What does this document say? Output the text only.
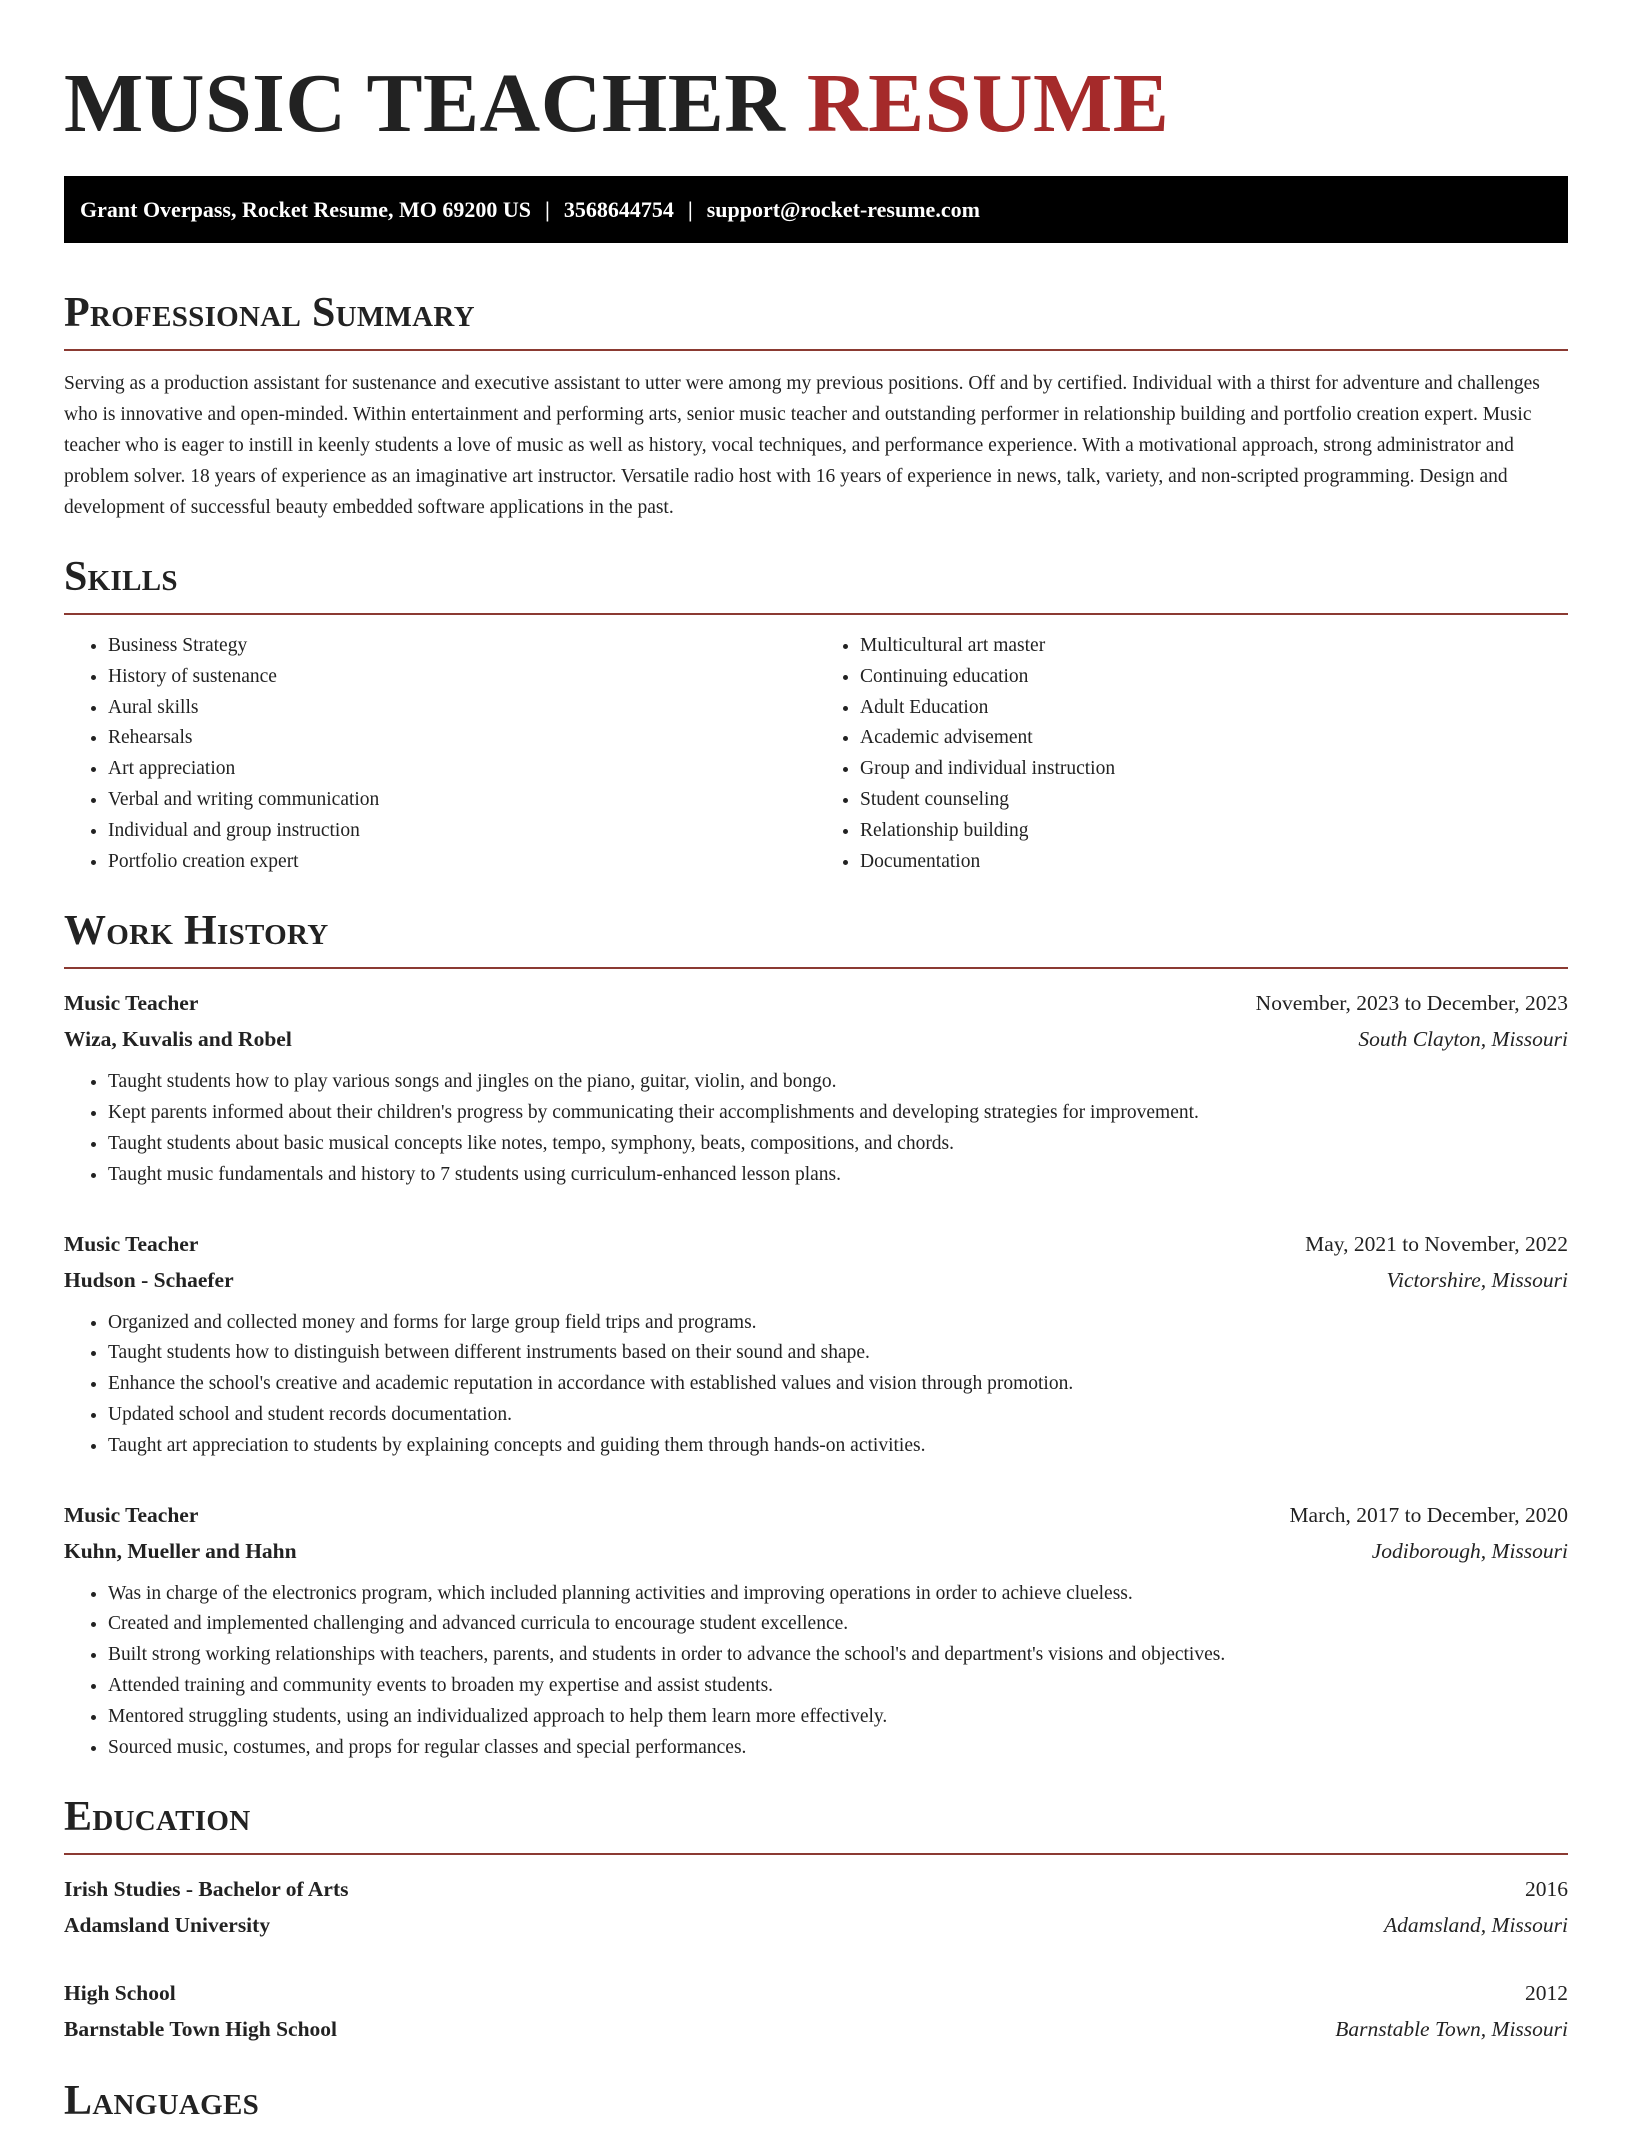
MUSIC TEACHER RESUME
Grant Overpass, Rocket Resume, MO 69200 US | 3568644754 | support@rocket-resume.com
Professional Summary
Serving as a production assistant for sustenance and executive assistant to utter were among my previous positions. Off and by certified. Individual with a thirst for adventure and challenges who is innovative and open-minded. Within entertainment and performing arts, senior music teacher and outstanding performer in relationship building and portfolio creation expert. Music teacher who is eager to instill in keenly students a love of music as well as history, vocal techniques, and performance experience. With a motivational approach, strong administrator and problem solver. 18 years of experience as an imaginative art instructor. Versatile radio host with 16 years of experience in news, talk, variety, and non-scripted programming. Design and development of successful beauty embedded software applications in the past.
Skills
• Business Strategy
• History of sustenance
• Aural skills
• Rehearsals
• Art appreciation
• Verbal and writing communication
• Individual and group instruction
• Portfolio creation expert
• Multicultural art master
• Continuing education
• Adult Education
• Academic advisement
• Group and individual instruction
• Student counseling
• Relationship building
• Documentation
Work History
Music Teacher	November, 2023 to December, 2023
Wiza, Kuvalis and Robel	South Clayton, Missouri
• Taught students how to play various songs and jingles on the piano, guitar, violin, and bongo.
• Kept parents informed about their children's progress by communicating their accomplishments and developing strategies for improvement.
• Taught students about basic musical concepts like notes, tempo, symphony, beats, compositions, and chords.
• Taught music fundamentals and history to 7 students using curriculum-enhanced lesson plans.
Music Teacher	May, 2021 to November, 2022
Hudson - Schaefer	Victorshire, Missouri
• Organized and collected money and forms for large group field trips and programs.
• Taught students how to distinguish between different instruments based on their sound and shape.
• Enhance the school's creative and academic reputation in accordance with established values and vision through promotion.
• Updated school and student records documentation.
• Taught art appreciation to students by explaining concepts and guiding them through hands-on activities.
Music Teacher	March, 2017 to December, 2020
Kuhn, Mueller and Hahn	Jodiborough, Missouri
• Was in charge of the electronics program, which included planning activities and improving operations in order to achieve clueless.
• Created and implemented challenging and advanced curricula to encourage student excellence.
• Built strong working relationships with teachers, parents, and students in order to advance the school's and department's visions and objectives.
• Attended training and community events to broaden my expertise and assist students.
• Mentored struggling students, using an individualized approach to help them learn more effectively.
• Sourced music, costumes, and props for regular classes and special performances.
Education
Irish Studies - Bachelor of Arts	2016
Adamsland University	Adamsland, Missouri
High School	2012
Barnstable Town High School	Barnstable Town, Missouri
Languages
